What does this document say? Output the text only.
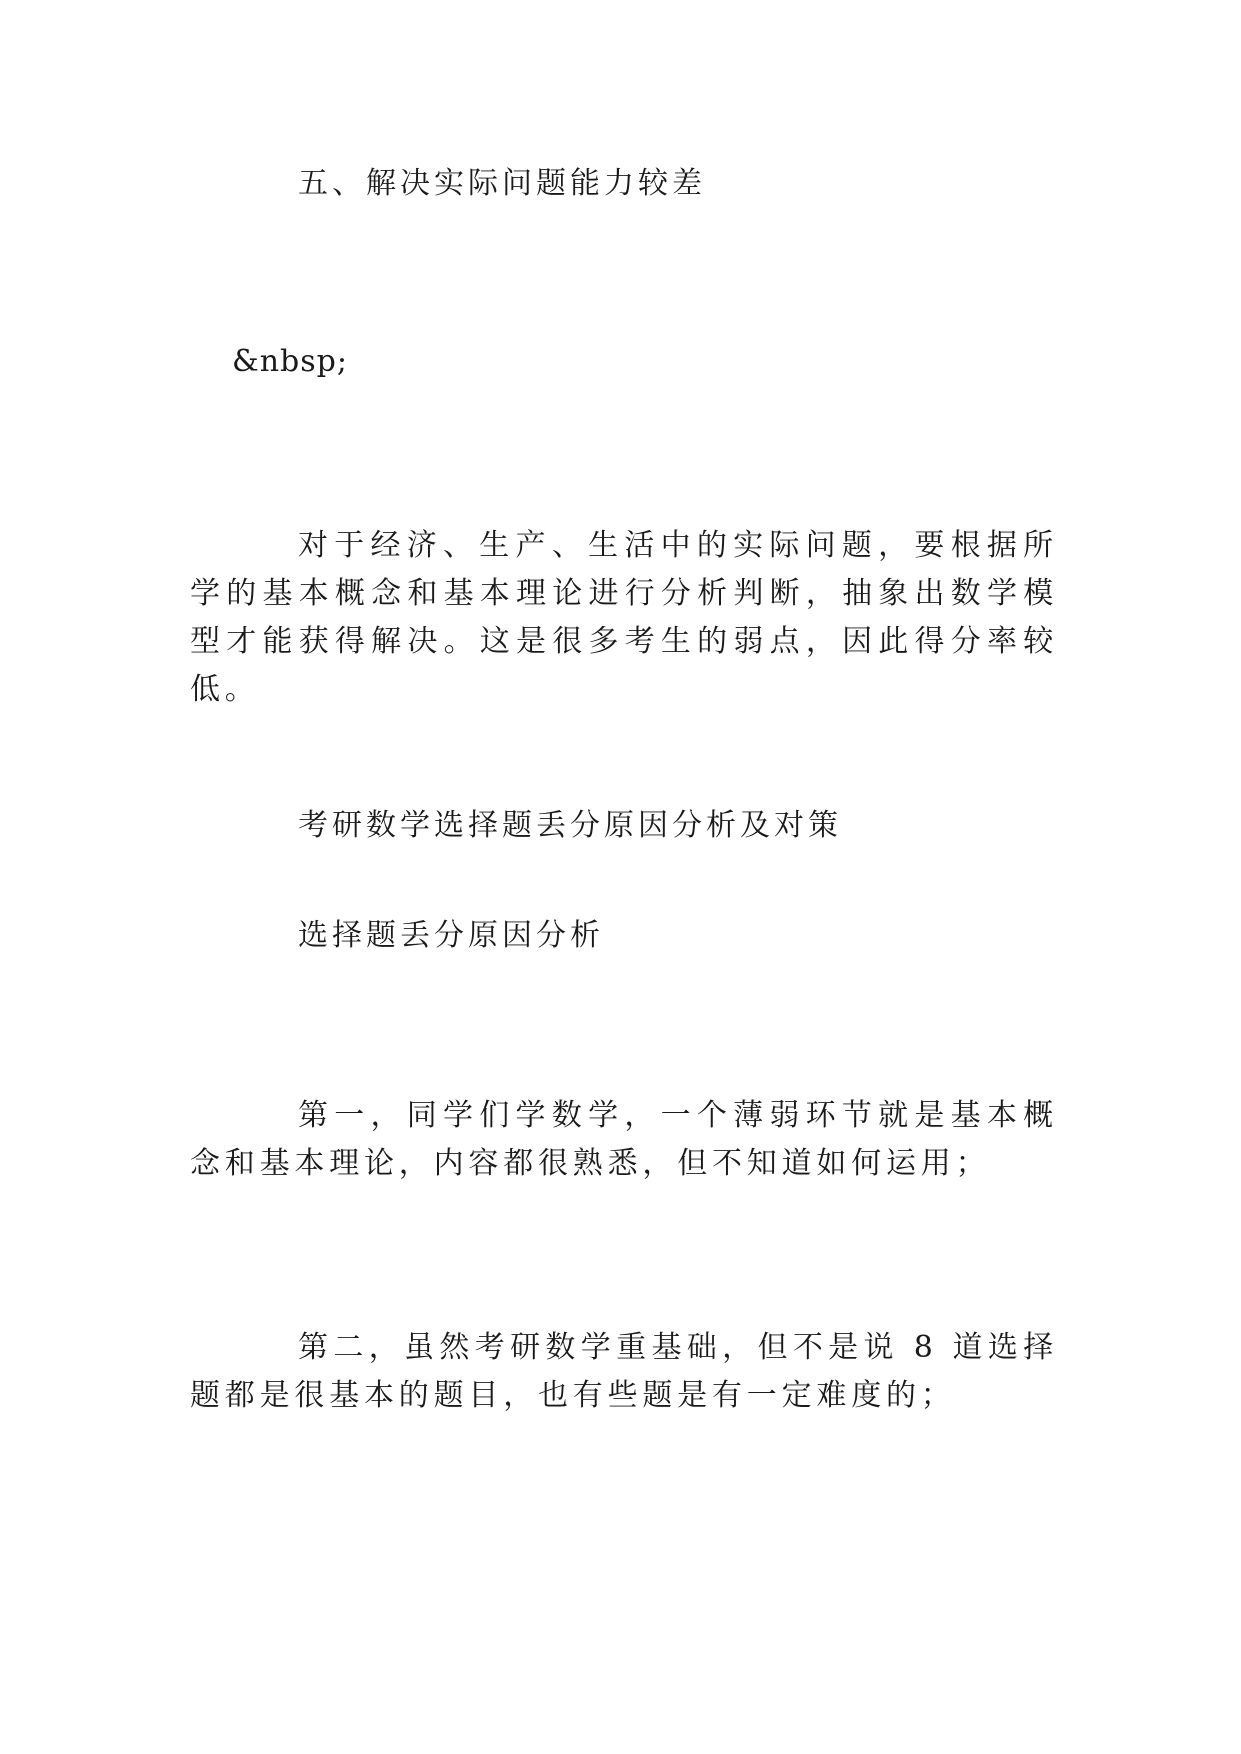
五、解决实际问题能力较差
&nbsp;
对于经济、生产、生活中的实际问题，要根据所学的基本概念和基本理论进行分析判断，抽象出数学模型才能获得解决。这是很多考生的弱点，因此得分率较低。
考研数学选择题丢分原因分析及对策
选择题丢分原因分析
第一，同学们学数学，一个薄弱环节就是基本概念和基本理论，内容都很熟悉，但不知道如何运用；
第二，虽然考研数学重基础，但不是说 8 道选择题都是很基本的题目，也有些题是有一定难度的；
